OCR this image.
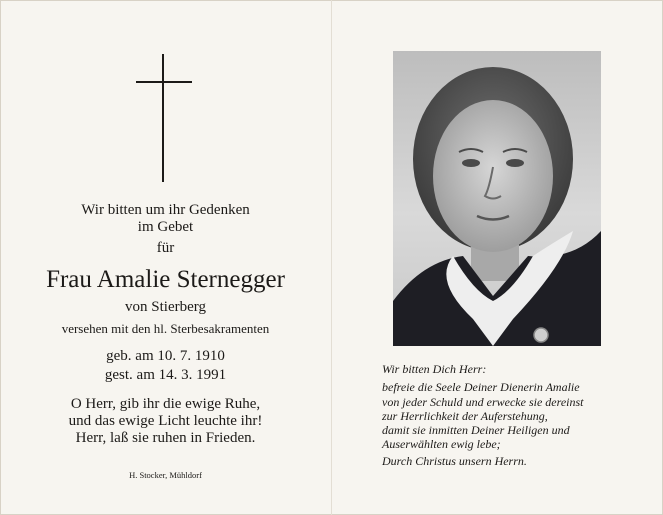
Wir bitten um ihr Gedenken
im Gebet
für
Frau Amalie Sternegger
von Stierberg
versehen mit den hl. Sterbesakramenten
geb. am 10. 7. 1910
gest. am 14. 3. 1991
O Herr, gib ihr die ewige Ruhe,
und das ewige Licht leuchte ihr!
Herr, laß sie ruhen in Frieden.
H. Stocker, Mühldorf
Wir bitten Dich Herr:
befreie die Seele Deiner Dienerin Amalie
von jeder Schuld und erwecke sie dereinst
zur Herrlichkeit der Auferstehung,
damit sie inmitten Deiner Heiligen und
Auserwählten ewig lebe;
Durch Christus unsern Herrn.
